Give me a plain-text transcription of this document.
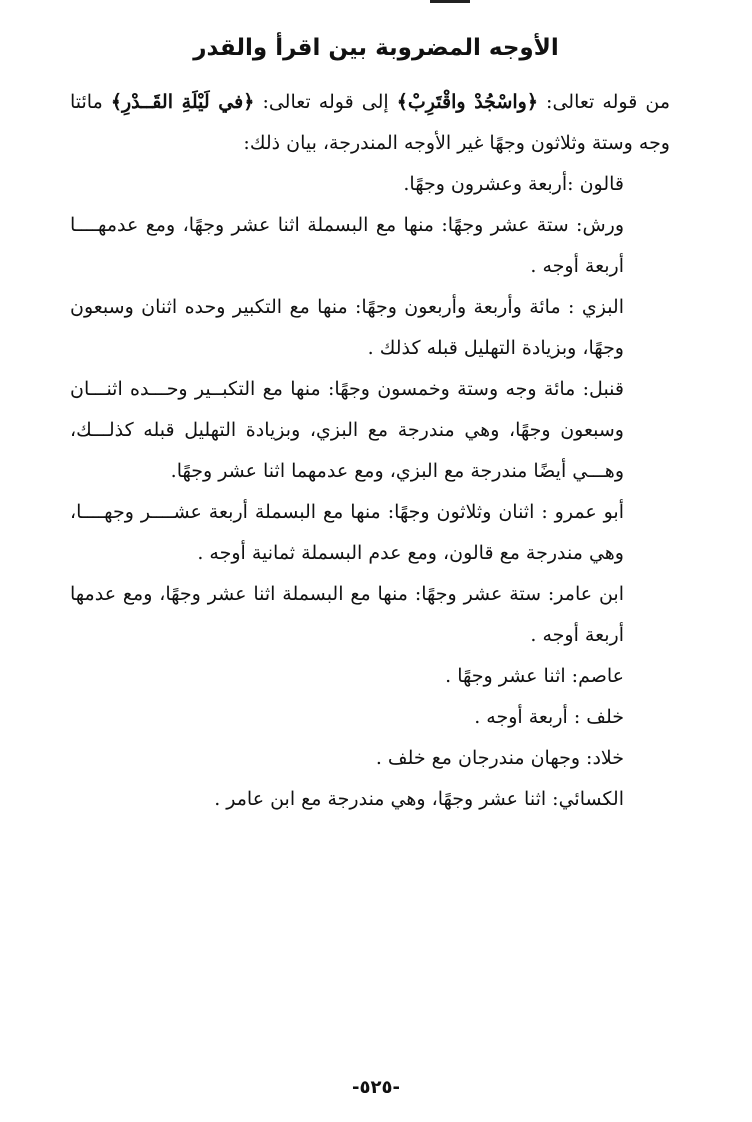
الأوجه المضروبة بين اقرأ والقدر

من قوله تعالى: ﴿واسْجُدْ واقْتَرِبْ﴾ إلى قوله تعالى: ﴿في لَيْلَةِ القَــدْرِ﴾ مائتا وجه وستة وثلاثون وجهًا غير الأوجه المندرجة، بيان ذلك:

قالون :أربعة وعشرون وجهًا.

ورش: ستة عشر وجهًا: منها مع البسملة اثنا عشر وجهًا، ومع عدمهــــا أربعة أوجه .

البزي : مائة وأربعة وأربعون وجهًا: منها مع التكبير وحده اثنان وسبعون وجهًا، وبزيادة التهليل قبله كذلك .

قنبل: مائة وجه وستة وخمسون وجهًا: منها مع التكبــير وحـــده اثنـــان وسبعون وجهًا، وهي مندرجة مع البزي، وبزيادة التهليل قبله كذلـــك، وهـــي أيضًا مندرجة مع البزي، ومع عدمهما اثنا عشر وجهًا.

أبو عمرو : اثنان وثلاثون وجهًا: منها مع البسملة أربعة عشــــر وجهــــا، وهي مندرجة مع قالون، ومع عدم البسملة ثمانية أوجه .

ابن عامر: ستة عشر وجهًا: منها مع البسملة اثنا عشر وجهًا، ومع عدمها أربعة أوجه .

عاصم: اثنا عشر وجهًا .

خلف : أربعة أوجه .

خلاد: وجهان مندرجان مع خلف .

الكسائي: اثنا عشر وجهًا، وهي مندرجة مع ابن عامر .

-٥٢٥-
